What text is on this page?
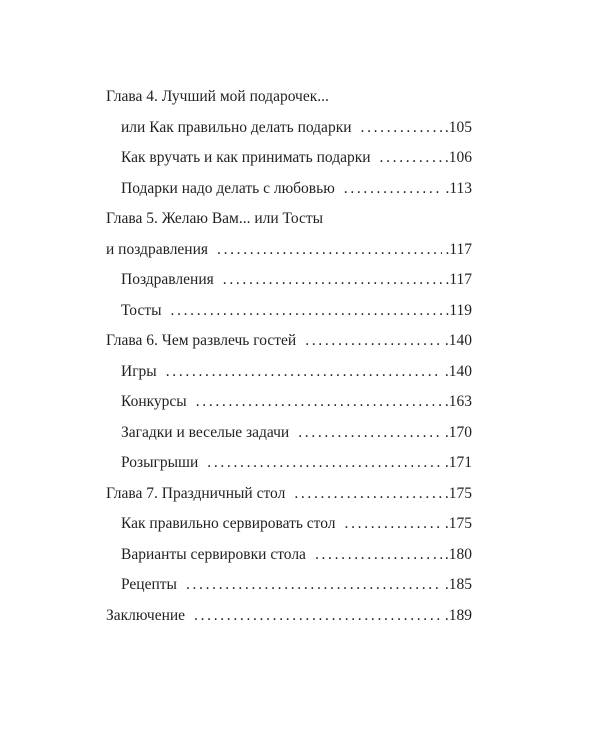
Глава 4. Лучший мой подарочек...
или Как правильно делать подарки . . .	. 105
Как вручать и как принимать подарки . . .	. 106
Подарки надо делать с любовью . . .	. 113
Глава 5. Желаю Вам... или Тосты
и поздравления . . .	. 117
Поздравления . . .	. 117
Тосты . . .	. 119
Глава 6. Чем развлечь гостей . . .	. 140
Игры . . .	. 140
Конкурсы . . .	. 163
Загадки и веселые задачи . . .	. 170
Розыгрыши . . .	. 171
Глава 7. Праздничный стол . . .	. 175
Как правильно сервировать стол . . .	. 175
Варианты сервировки стола . . .	. 180
Рецепты . . .	. 185
Заключение . . .	. 189
